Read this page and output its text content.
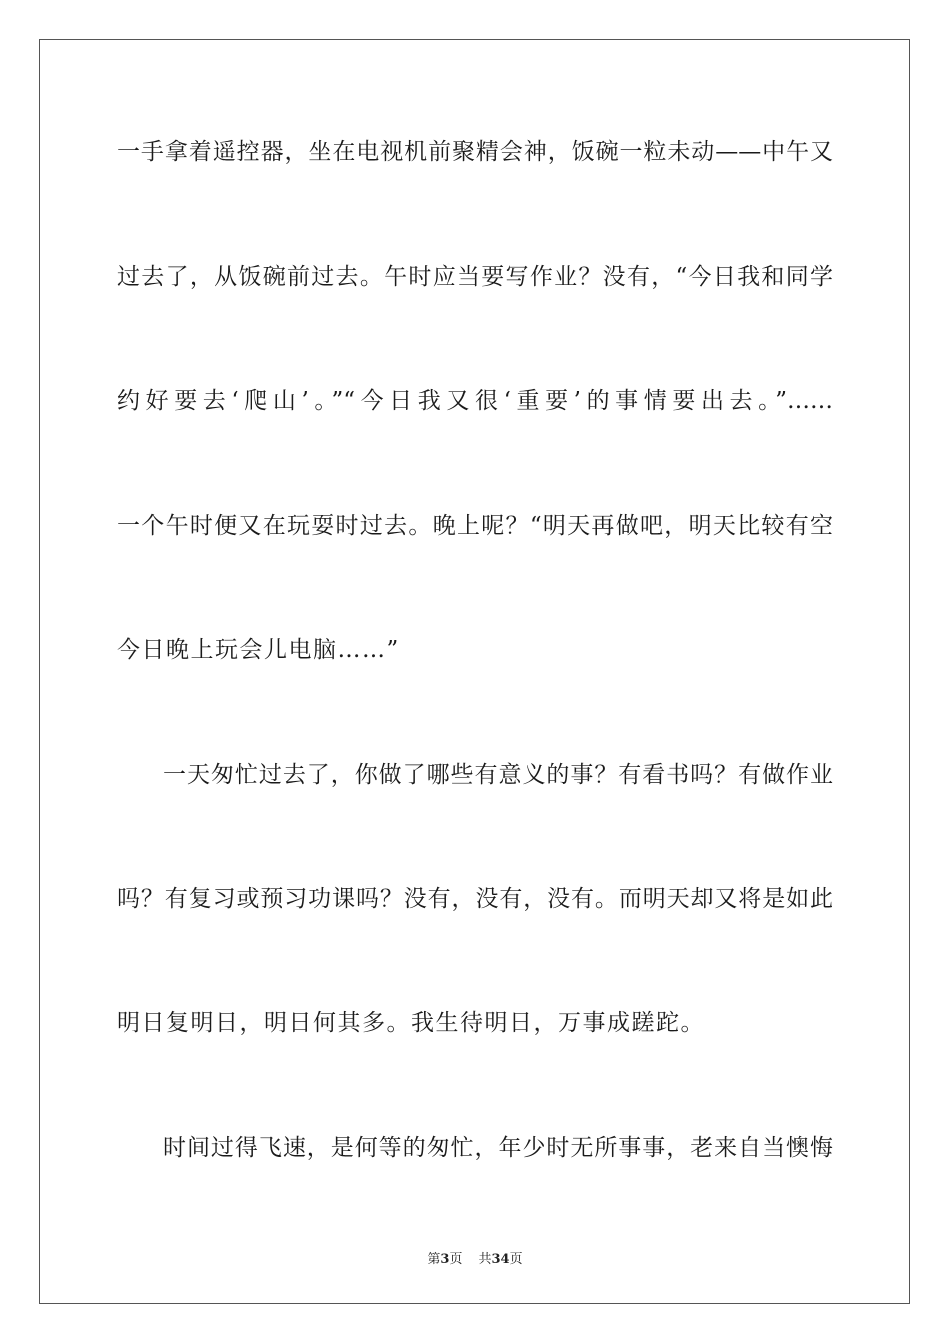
一手拿着遥控器，坐在电视机前聚精会神，饭碗一粒未动——中午又
过去了，从饭碗前过去。午时应当要写作业？没有，“今日我和同学
约好要去‘爬山’。”“今日我又很‘重要’的事情要出去。”……
一个午时便又在玩耍时过去。晚上呢？“明天再做吧，明天比较有空
今日晚上玩会儿电脑……”
一天匆忙过去了，你做了哪些有意义的事？有看书吗？有做作业
吗？有复习或预习功课吗？没有，没有，没有。而明天却又将是如此
明日复明日，明日何其多。我生待明日，万事成蹉跎。
时间过得飞速，是何等的匆忙，年少时无所事事，老来自当懊悔
第3页 共34页
